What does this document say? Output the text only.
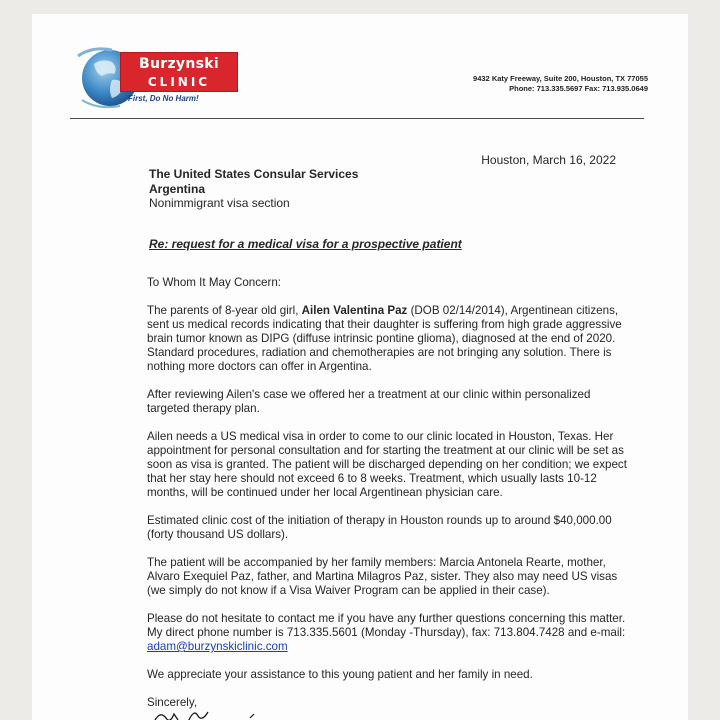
Burzynski
CLINIC
First, Do No Harm!
9432 Katy Freeway, Suite 200, Houston, TX 77055
Phone: 713.335.5697 Fax: 713.935.0649
Houston, March 16, 2022
The United States Consular Services
Argentina
Nonimmigrant visa section
Re: request for a medical visa for a prospective patient

To Whom It May Concern:

The parents of 8-year old girl, Ailen Valentina Paz (DOB 02/14/2014), Argentinean citizens, sent us medical records indicating that their daughter is suffering from high grade aggressive brain tumor known as DIPG (diffuse intrinsic pontine glioma), diagnosed at the end of 2020. Standard procedures, radiation and chemotherapies are not bringing any solution. There is nothing more doctors can offer in Argentina.

After reviewing Ailen's case we offered her a treatment at our clinic within personalized targeted therapy plan.

Ailen needs a US medical visa in order to come to our clinic located in Houston, Texas. Her appointment for personal consultation and for starting the treatment at our clinic will be set as soon as visa is granted. The patient will be discharged depending on her condition; we expect that her stay here should not exceed 6 to 8 weeks. Treatment, which usually lasts 10-12 months, will be continued under her local Argentinean physician care.

Estimated clinic cost of the initiation of therapy in Houston rounds up to around $40,000.00 (forty thousand US dollars).

The patient will be accompanied by her family members: Marcia Antonela Rearte, mother, Alvaro Exequiel Paz, father, and Martina Milagros Paz, sister. They also may need US visas (we simply do not know if a Visa Waiver Program can be applied in their case).

Please do not hesitate to contact me if you have any further questions concerning this matter. My direct phone number is 713.335.5601 (Monday -Thursday), fax: 713.804.7428 and e-mail: adam@burzynskiclinic.com

We appreciate your assistance to this young patient and her family in need.

Sincerely,
